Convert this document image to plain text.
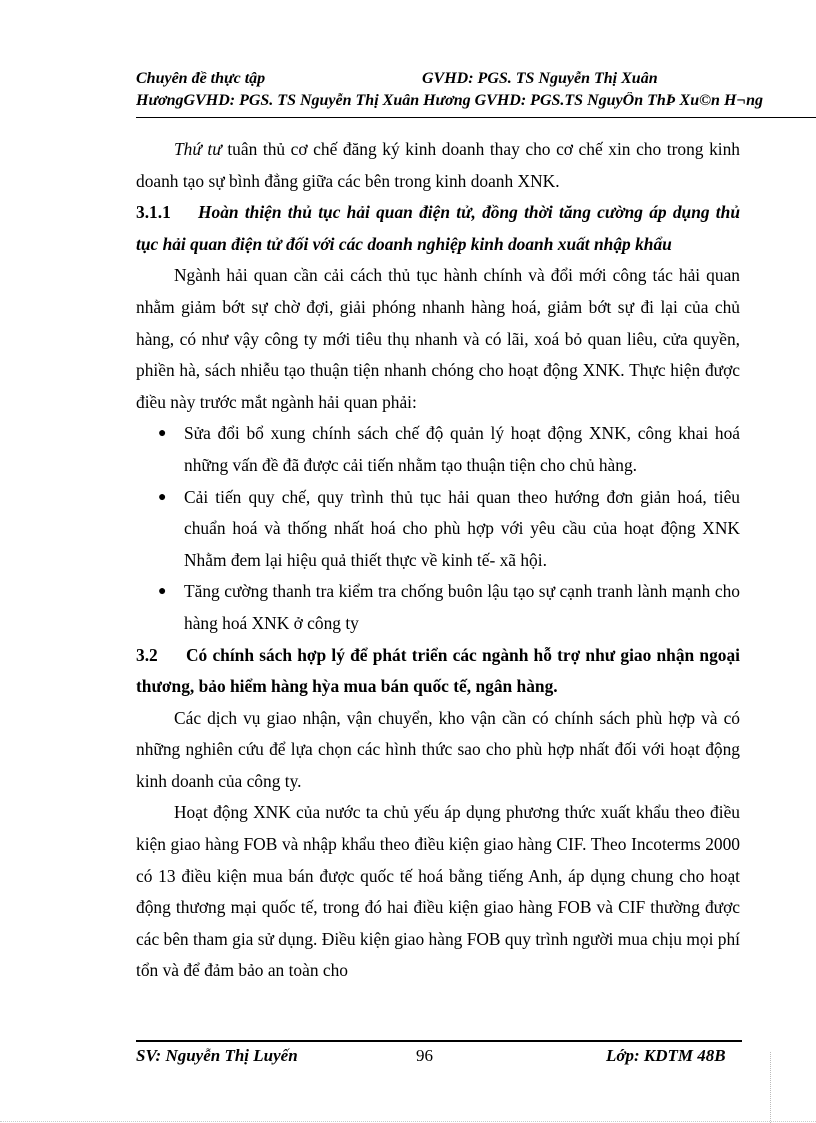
Chuyên đề thực tập	GVHD: PGS. TS Nguyễn Thị Xuân
HươngGVHD: PGS. TS Nguyễn Thị Xuân Hương GVHD: PGS.TS NguyÔn ThÞ Xu©n H¬ng

Thứ tư tuân thủ cơ chế đăng ký kinh doanh thay cho cơ chế xin cho trong kinh doanh tạo sự bình đẳng giữa các bên trong kinh doanh XNK.

3.1.1 Hoàn thiện thủ tục hải quan điện tử, đồng thời tăng cường áp dụng thủ tục hải quan điện tử đối với các doanh nghiệp kinh doanh xuất nhập khẩu

Ngành hải quan cần cải cách thủ tục hành chính và đổi mới công tác hải quan nhằm giảm bớt sự chờ đợi, giải phóng nhanh hàng hoá, giảm bớt sự đi lại của chủ hàng, có như vậy công ty mới tiêu thụ nhanh và có lãi, xoá bỏ quan liêu, cửa quyền, phiền hà, sách nhiễu tạo thuận tiện nhanh chóng cho hoạt động XNK. Thực hiện được điều này trước mắt ngành hải quan phải:

● Sửa đổi bổ xung chính sách chế độ quản lý hoạt động XNK, công khai hoá những vấn đề đã được cải tiến nhằm tạo thuận tiện cho chủ hàng.
● Cải tiến quy chế, quy trình thủ tục hải quan theo hướng đơn giản hoá, tiêu chuẩn hoá và thống nhất hoá cho phù hợp với yêu cầu của hoạt động XNK Nhằm đem lại hiệu quả thiết thực về kinh tế- xã hội.
● Tăng cường thanh tra kiểm tra chống buôn lậu tạo sự cạnh tranh lành mạnh cho hàng hoá XNK ở công ty

3.2 Có chính sách hợp lý để phát triển các ngành hỗ trợ như giao nhận ngoại thương, bảo hiểm hàng hỳa mua bán quốc tế, ngân hàng.

Các dịch vụ giao nhận, vận chuyển, kho vận cần có chính sách phù hợp và có những nghiên cứu để lựa chọn các hình thức sao cho phù hợp nhất đối với hoạt động kinh doanh của công ty.

Hoạt động XNK của nước ta chủ yếu áp dụng phương thức xuất khẩu theo điều kiện giao hàng FOB và nhập khẩu theo điều kiện giao hàng CIF. Theo Incoterms 2000 có 13 điều kiện mua bán được quốc tế hoá bằng tiếng Anh, áp dụng chung cho hoạt động thương mại quốc tế, trong đó hai điều kiện giao hàng FOB và CIF thường được các bên tham gia sử dụng. Điều kiện giao hàng FOB quy trình người mua chịu mọi phí tổn và để đảm bảo an toàn cho

SV: Nguyễn Thị Luyến	96	Lớp: KDTM 48B
